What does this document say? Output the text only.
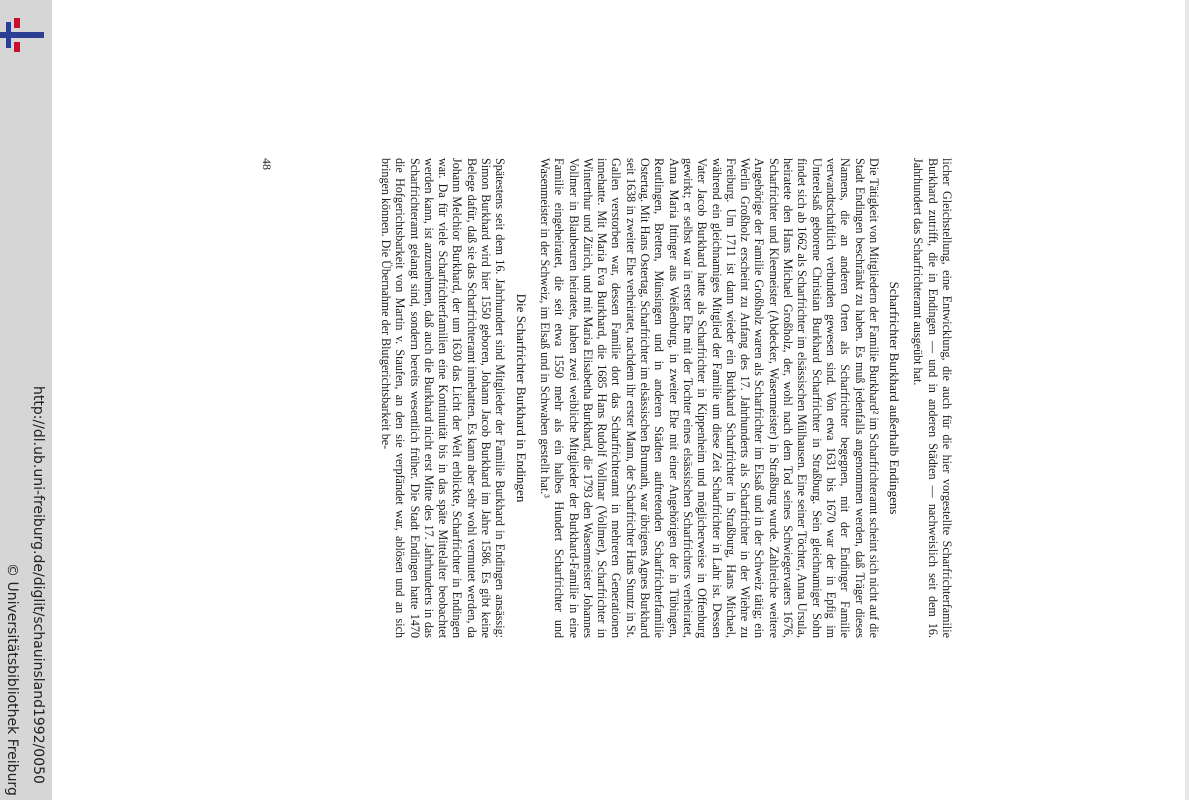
http://dl.ub.uni-freiburg.de/diglit/schauinsland1992/0050
© Universitätsbibliothek Freiburg

licher Gleichstellung, eine Entwicklung, die auch für die hier vorgestellte Scharfrichterfamilie Burkhard zutrifft, die in Endingen — und in anderen Städten — nachweislich seit dem 16. Jahrhundert das Scharfrichteramt ausgeübt hat.

Scharfrichter Burkhard außerhalb Endingens

Die Tätigkeit von Mitgliedern der Familie Burkhard² im Scharfrichteramt scheint sich nicht auf die Stadt Endingen beschränkt zu haben. Es muß jedenfalls angenommen werden, daß Träger dieses Namens, die an anderen Orten als Scharfrichter begegnen, mit der Endinger Familie verwandtschaftlich verbunden gewesen sind. Von etwa 1631 bis 1670 war der in Epfig im Unterelsaß geborene Christian Burkhard Scharfrichter in Straßburg. Sein gleichnamiger Sohn findet sich ab 1662 als Scharfrichter im elsässischen Mülhausen. Eine seiner Töchter, Anna Ursula, heiratete den Hans Michael Großholz, der, wohl nach dem Tod seines Schwiegervaters 1676, Scharfrichter und Kleemeister (Abdecker, Wasenmeister) in Straßburg wurde. Zahlreiche weitere Angehörige der Familie Großholz waren als Scharfrichter im Elsaß und in der Schweiz tätig; ein Werlin Großholz erscheint zu Anfang des 17. Jahrhunderts als Scharfrichter in der Wiehre zu Freiburg. Um 1711 ist dann wieder ein Burkhard Scharfrichter in Straßburg, Hans Michael, während ein gleichnamiges Mitglied der Familie um diese Zeit Scharfrichter in Lahr ist. Dessen Vater Jacob Burkhard hatte als Scharfrichter in Kippenheim und möglicherweise in Offenburg gewirkt; er selbst war in erster Ehe mit der Tochter eines elsässischen Scharfrichters verheiratet, Anna Maria Ittinger aus Weißenburg, in zweiter Ehe mit einer Angehörigen der in Tübingen, Reutlingen, Bretten, Münsingen und in anderen Städten auftretenden Scharfrichterfamilie Ostertag. Mit Hans Ostertag, Scharfrichter im elsässischen Brumath, war übrigens Agnes Burkhard seit 1638 in zweiter Ehe verheiratet, nachdem ihr erster Mann, der Scharfrichter Hans Stuntz in St. Gallen verstorben war, dessen Familie dort das Scharfrichteramt in mehreren Generationen innehatte. Mit Maria Eva Burkhard, die 1685 Hans Rudolf Vollmar (Vollmer), Scharfrichter in Winterthur und Zürich, und mit Maria Elisabetha Burkhard, die 1793 den Wasenmeister Johannes Vollmer in Blaubeuren heiratete, haben zwei weibliche Mitglieder der Burkhard-Familie in eine Familie eingeheiratet, die seit etwa 1550 mehr als ein halbes Hundert Scharfrichter und Wasenmeister in der Schweiz, im Elsaß und in Schwaben gestellt hat.³

Die Scharfrichter Burkhard in Endingen

Spätestens seit dem 16. Jahrhundert sind Mitglieder der Familie Burkhard in Endingen ansässig: Simon Burkhard wird hier 1550 geboren, Johann Jacob Burkhard im Jahre 1586. Es gibt keine Belege dafür, daß sie das Scharfrichteramt innehatten. Es kann aber sehr wohl vermutet werden, da Johann Melchior Burkhard, der um 1630 das Licht der Welt erblickte, Scharfrichter in Endingen war. Da für viele Scharfrichterfamilien eine Kontinuität bis in das späte Mittelalter beobachtet werden kann, ist anzunehmen, daß auch die Burkhard nicht erst Mitte des 17. Jahrhunderts in das Scharfrichteramt gelangt sind, sondern bereits wesentlich früher. Die Stadt Endingen hatte 1470 die Hofgerichtsbarkeit von Martin v. Staufen, an den sie verpfändet war, ablösen und an sich bringen können. Die Übernahme der Blutgerichtsbarkeit be-

48
